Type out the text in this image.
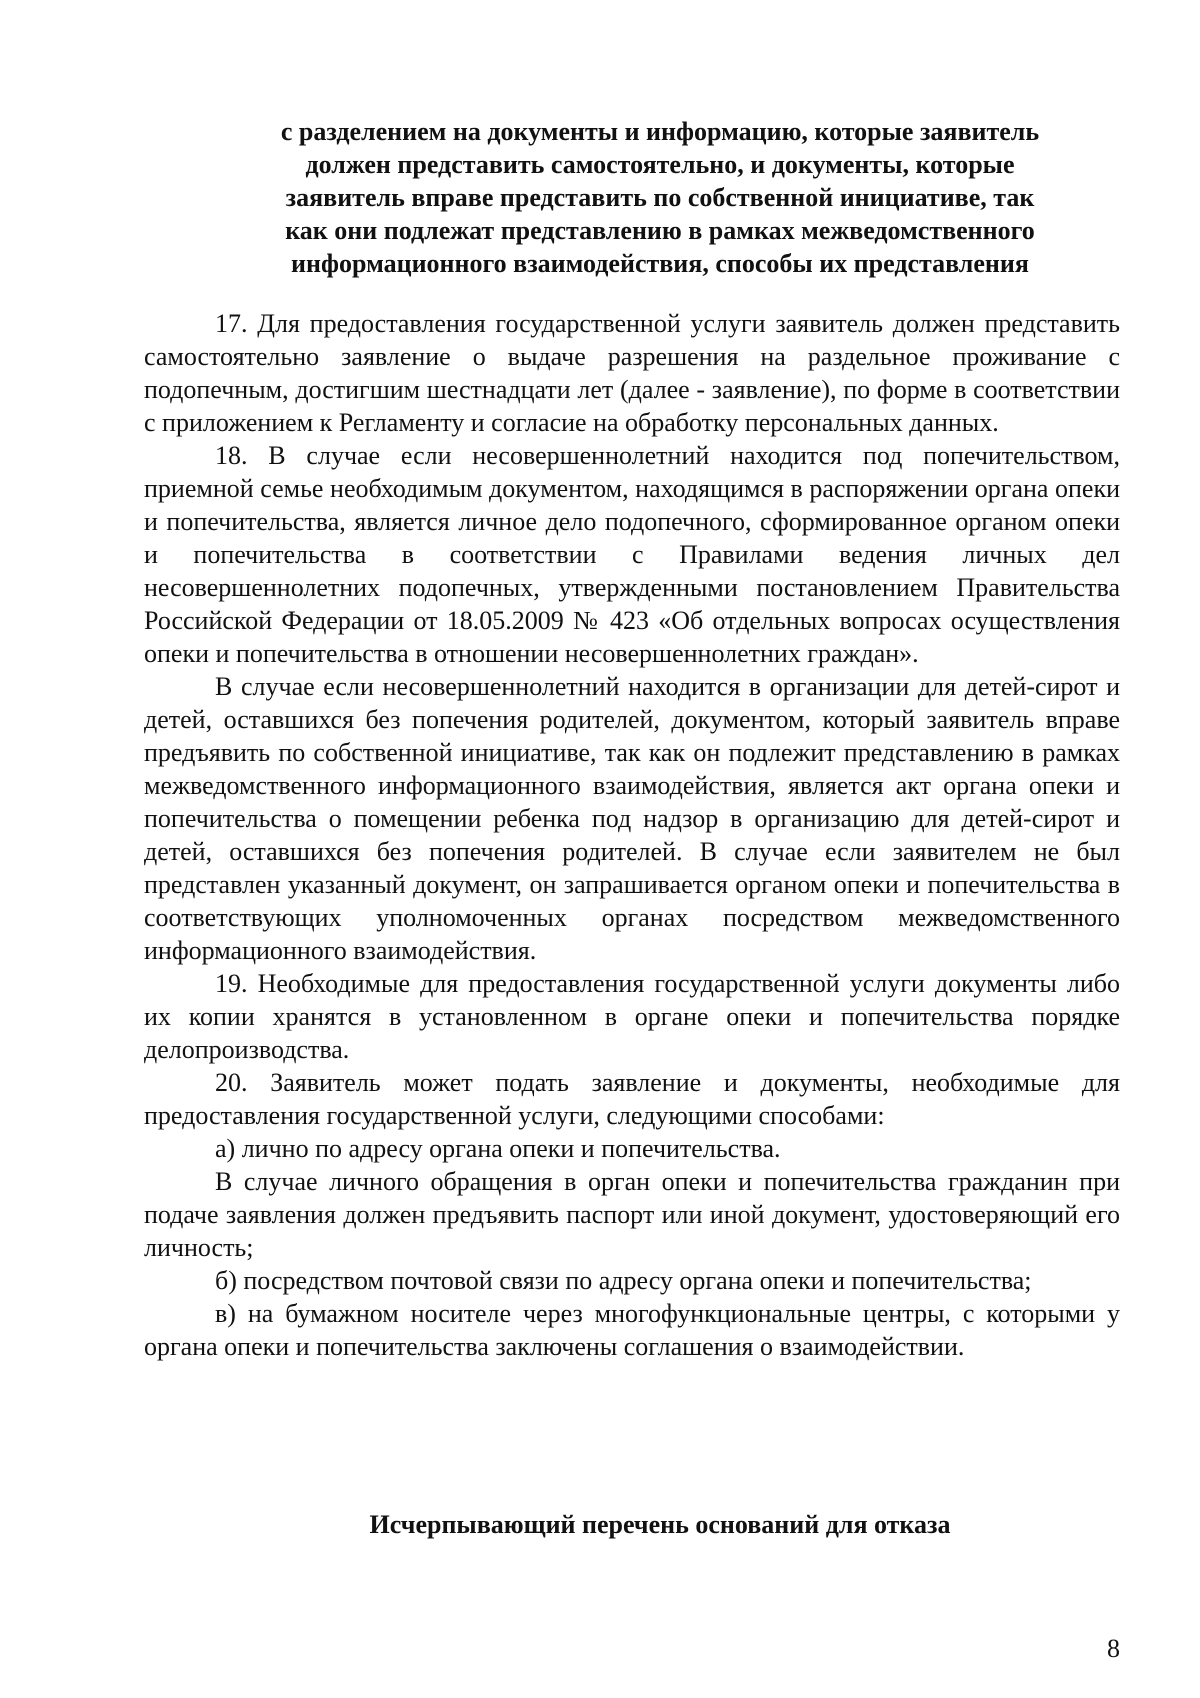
с разделением на документы и информацию, которые заявитель
должен представить самостоятельно, и документы, которые
заявитель вправе представить по собственной инициативе, так
как они подлежат представлению в рамках межведомственного
информационного взаимодействия, способы их представления

17. Для предоставления государственной услуги заявитель должен представить самостоятельно заявление о выдаче разрешения на раздельное проживание с подопечным, достигшим шестнадцати лет (далее - заявление), по форме в соответствии с приложением к Регламенту и согласие на обработку персональных данных.

18. В случае если несовершеннолетний находится под попечительством, приемной семье необходимым документом, находящимся в распоряжении органа опеки и попечительства, является личное дело подопечного, сформированное органом опеки и попечительства в соответствии с Правилами ведения личных дел несовершеннолетних подопечных, утвержденными постановлением Правительства Российской Федерации от 18.05.2009 № 423 «Об отдельных вопросах осуществления опеки и попечительства в отношении несовершеннолетних граждан».

В случае если несовершеннолетний находится в организации для детей-сирот и детей, оставшихся без попечения родителей, документом, который заявитель вправе предъявить по собственной инициативе, так как он подлежит представлению в рамках межведомственного информационного взаимодействия, является акт органа опеки и попечительства о помещении ребенка под надзор в организацию для детей-сирот и детей, оставшихся без попечения родителей. В случае если заявителем не был представлен указанный документ, он запрашивается органом опеки и попечительства в соответствующих уполномоченных органах посредством межведомственного информационного взаимодействия.

19. Необходимые для предоставления государственной услуги документы либо их копии хранятся в установленном в органе опеки и попечительства порядке делопроизводства.

20. Заявитель может подать заявление и документы, необходимые для предоставления государственной услуги, следующими способами:

а) лично по адресу органа опеки и попечительства.

В случае личного обращения в орган опеки и попечительства гражданин при подаче заявления должен предъявить паспорт или иной документ, удостоверяющий его личность;

б) посредством почтовой связи по адресу органа опеки и попечительства;

в) на бумажном носителе через многофункциональные центры, с которыми у органа опеки и попечительства заключены соглашения о взаимодействии.

Исчерпывающий перечень оснований для отказа
8
